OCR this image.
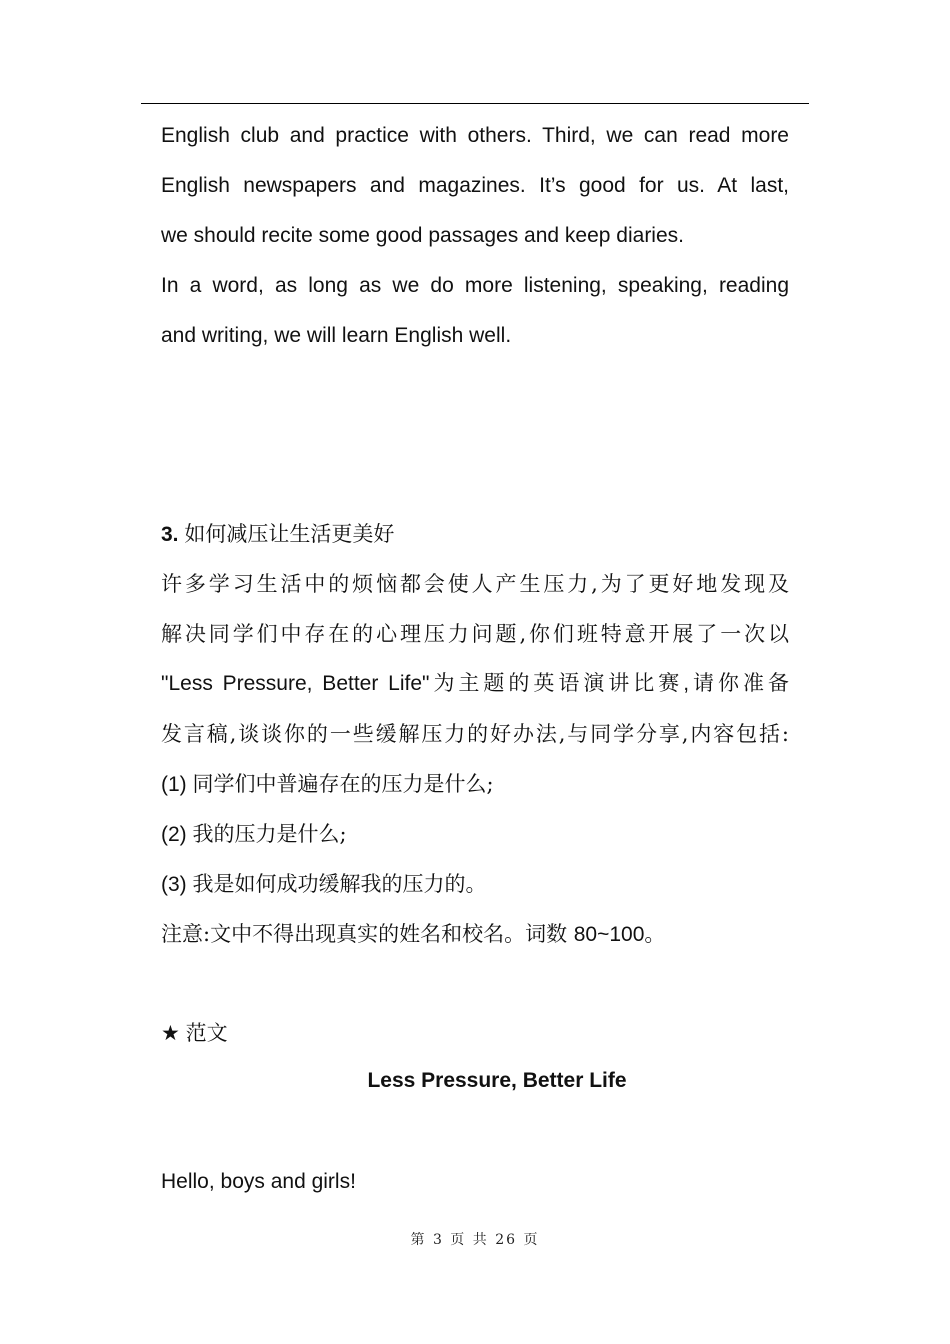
English club and practice with others. Third, we can read more
English newspapers and magazines. It’s good for us. At last,
we should recite some good passages and keep diaries.
In a word, as long as we do more listening, speaking, reading
and writing, we will learn English well.
3. 如何减压让生活更美好
许多学习生活中的烦恼都会使人产生压力,为了更好地发现及
解决同学们中存在的心理压力问题,你们班特意开展了一次以
"Less Pressure, Better Life"为主题的英语演讲比赛,请你准备
发言稿,谈谈你的一些缓解压力的好办法,与同学分享,内容包括:
(1) 同学们中普遍存在的压力是什么;
(2) 我的压力是什么;
(3) 我是如何成功缓解我的压力的。
注意:文中不得出现真实的姓名和校名。词数 80~100。
★ 范文
Less Pressure, Better Life
Hello, boys and girls!
第 3 页 共 26 页
